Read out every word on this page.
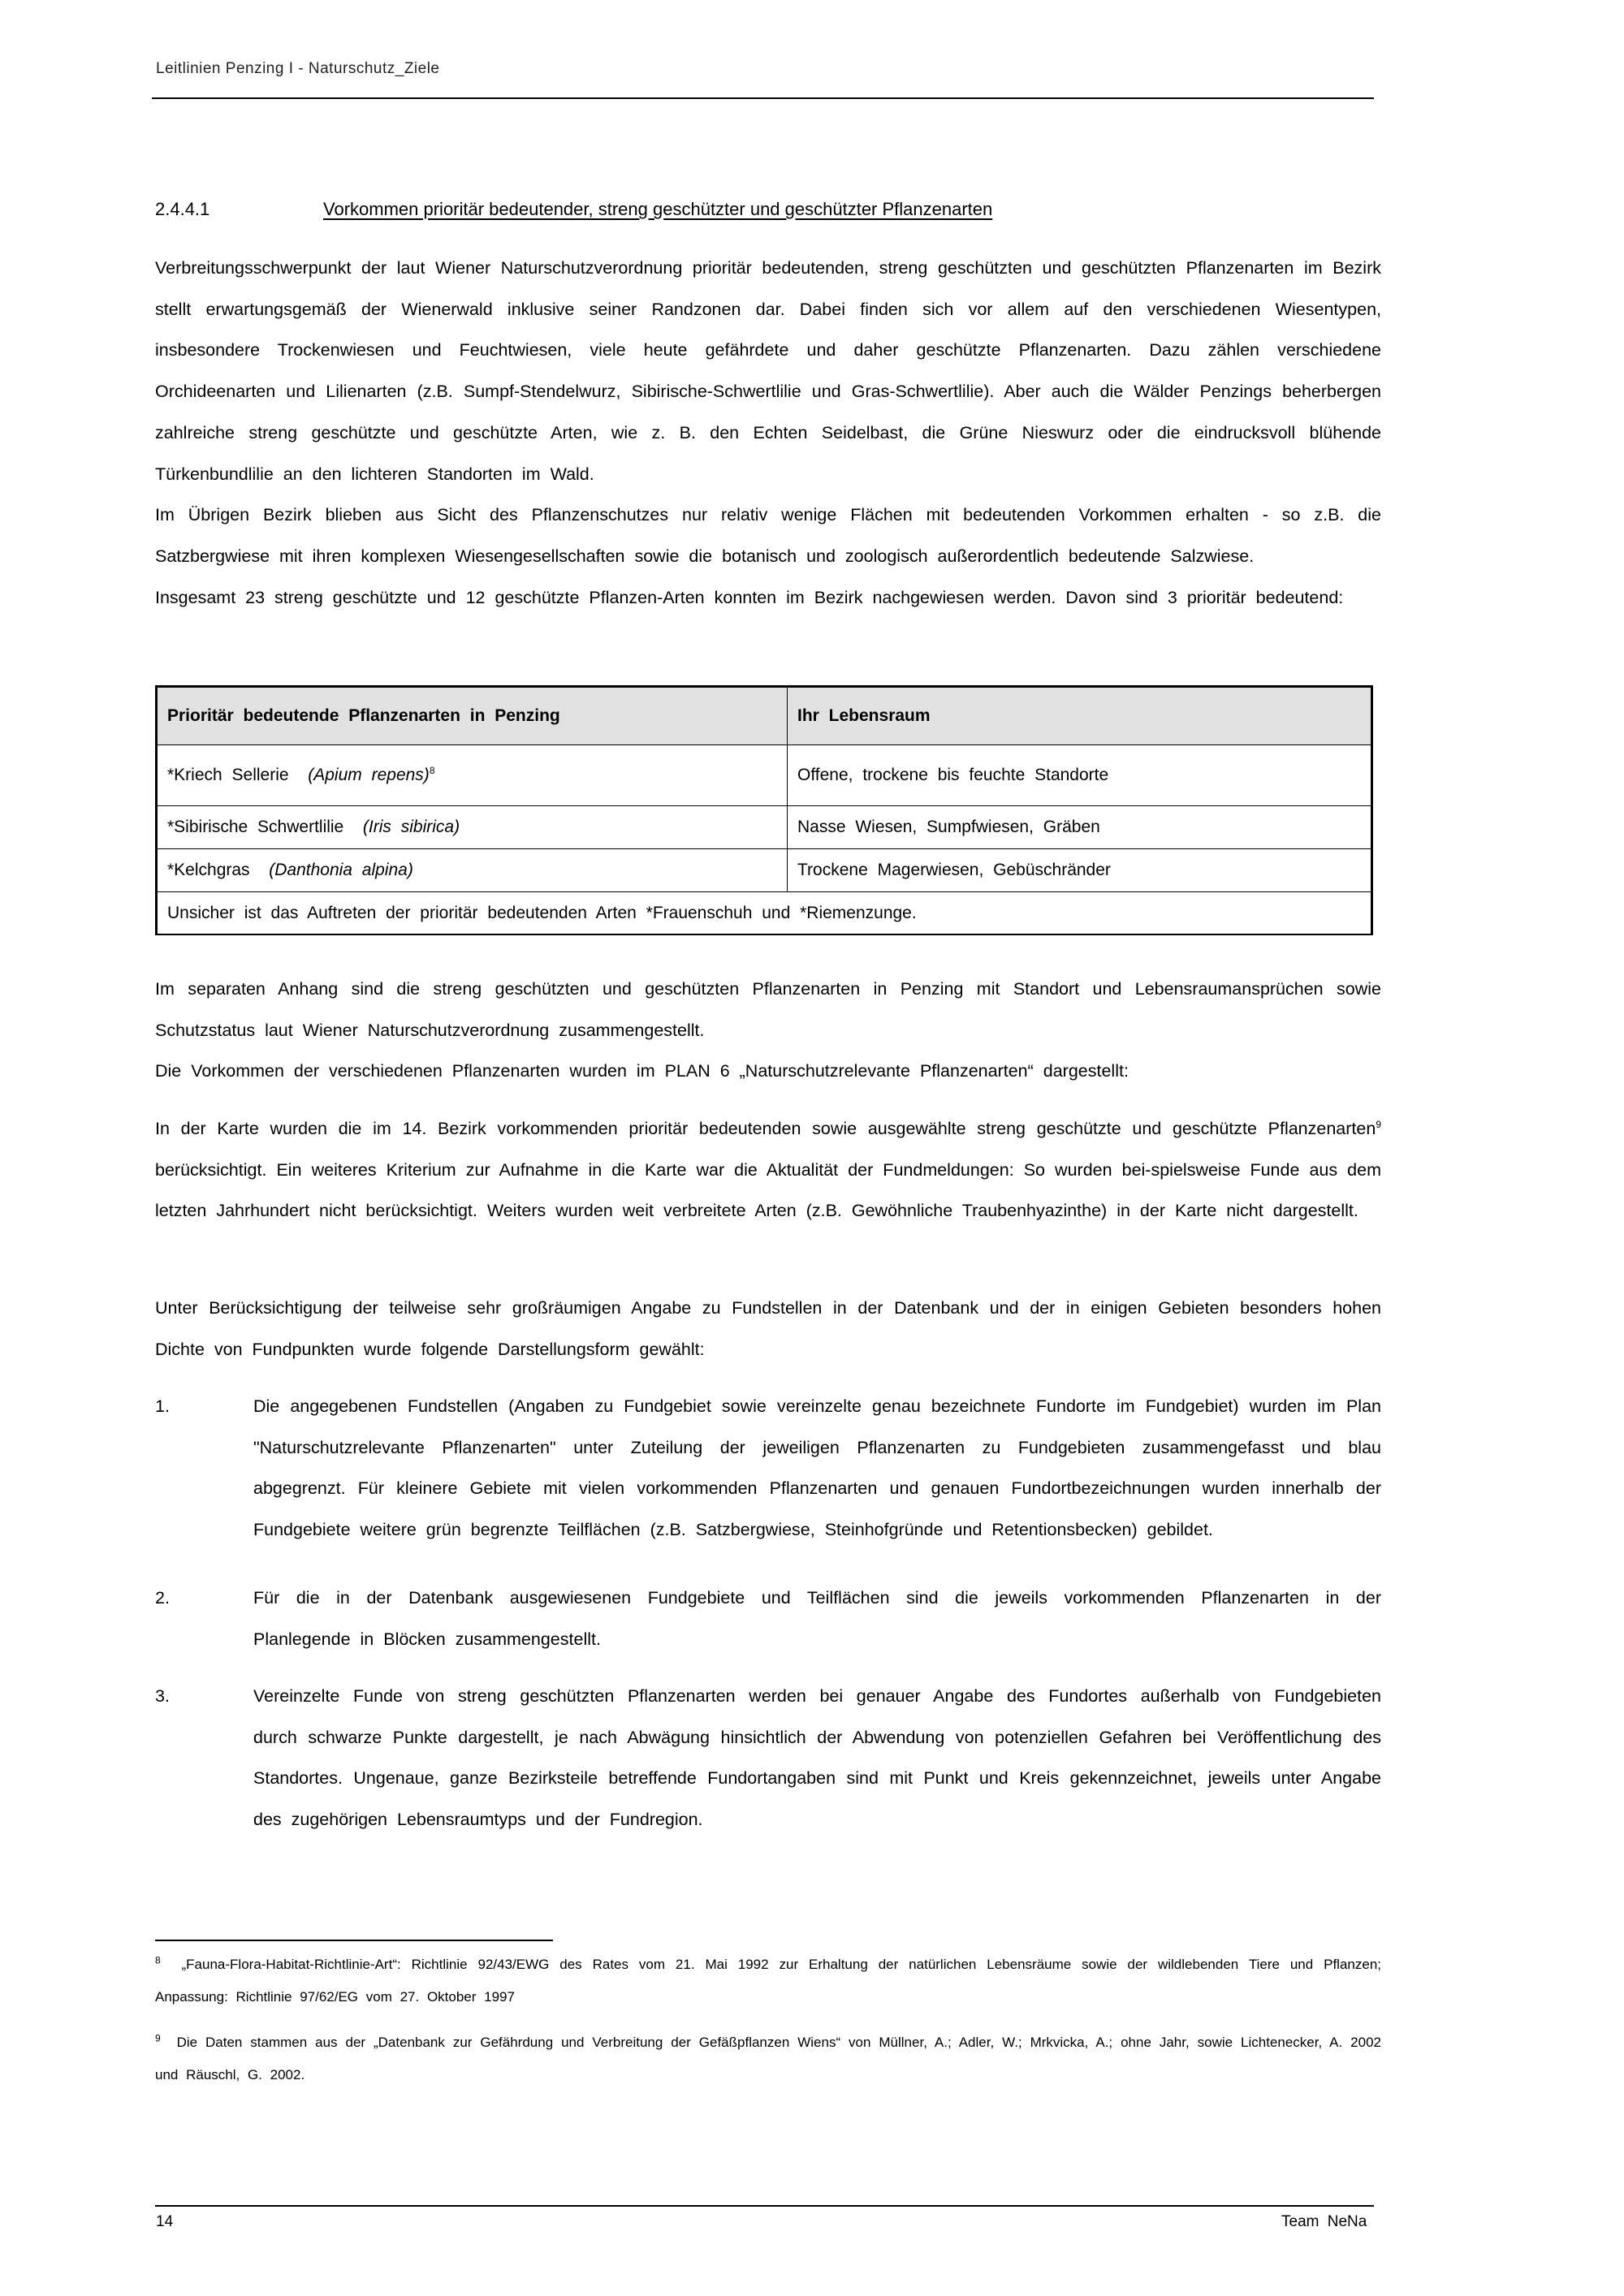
Leitlinien Penzing I - Naturschutz_Ziele
2.4.4.1	Vorkommen prioritär bedeutender, streng geschützter und geschützter Pflanzenarten

Verbreitungsschwerpunkt der laut Wiener Naturschutzverordnung prioritär bedeutenden, streng geschützten und geschützten Pflanzenarten im Bezirk stellt erwartungsgemäß der Wienerwald inklusive seiner Randzonen dar. Dabei finden sich vor allem auf den verschiedenen Wiesentypen, insbesondere Trockenwiesen und Feuchtwiesen, viele heute gefährdete und daher geschützte Pflanzenarten. Dazu zählen verschiedene Orchideenarten und Lilienarten (z.B. Sumpf-Stendelwurz, Sibirische-Schwertlilie und Gras-Schwertlilie). Aber auch die Wälder Penzings beherbergen zahlreiche streng geschützte und geschützte Arten, wie z. B. den Echten Seidelbast, die Grüne Nieswurz oder die eindrucksvoll blühende Türkenbundlilie an den lichteren Standorten im Wald.

Im Übrigen Bezirk blieben aus Sicht des Pflanzenschutzes nur relativ wenige Flächen mit bedeutenden Vorkommen erhalten - so z.B. die Satzbergwiese mit ihren komplexen Wiesengesellschaften sowie die botanisch und zoologisch außerordentlich bedeutende Salzwiese.

Insgesamt 23 streng geschützte und 12 geschützte Pflanzen-Arten konnten im Bezirk nachgewiesen werden. Davon sind 3 prioritär bedeutend:

Prioritär bedeutende Pflanzenarten in Penzing	Ihr Lebensraum
*Kriech Sellerie (Apium repens)$^8$	Offene, trockene bis feuchte Standorte
*Sibirische Schwertlilie (Iris sibirica)	Nasse Wiesen, Sumpfwiesen, Gräben
*Kelchgras (Danthonia alpina)	Trockene Magerwiesen, Gebüschränder
Unsicher ist das Auftreten der prioritär bedeutenden Arten *Frauenschuh und *Riemenzunge.	
Im separaten Anhang sind die streng geschützten und geschützten Pflanzenarten in Penzing mit Standort und Lebensraumansprüchen sowie Schutzstatus laut Wiener Naturschutzverordnung zusammengestellt.
Die Vorkommen der verschiedenen Pflanzenarten wurden im PLAN 6 „Naturschutzrelevante Pflanzenarten“ dargestellt:
In der Karte wurden die im 14. Bezirk vorkommenden prioritär bedeutenden sowie ausgewählte streng geschützte und geschützte Pflanzenarten$^9$ berücksichtigt. Ein weiteres Kriterium zur Aufnahme in die Karte war die Aktualität der Fundmeldungen: So wurden bei-spielsweise Funde aus dem letzten Jahrhundert nicht berücksichtigt. Weiters wurden weit verbreitete Arten (z.B. Gewöhnliche Traubenhyazinthe) in der Karte nicht dargestellt.
Unter Berücksichtigung der teilweise sehr großräumigen Angabe zu Fundstellen in der Datenbank und der in einigen Gebieten besonders hohen Dichte von Fundpunkten wurde folgende Darstellungsform gewählt:
1.	Die angegebenen Fundstellen (Angaben zu Fundgebiet sowie vereinzelte genau bezeichnete Fundorte im Fundgebiet) wurden im Plan "Naturschutzrelevante Pflanzenarten" unter Zuteilung der jeweiligen Pflanzenarten zu Fundgebieten zusammengefasst und blau abgegrenzt. Für kleinere Gebiete mit vielen vorkommenden Pflanzenarten und genauen Fundortbezeichnungen wurden innerhalb der Fundgebiete weitere grün begrenzte Teilflächen (z.B. Satzbergwiese, Steinhofgründe und Retentionsbecken) gebildet.
2.	Für die in der Datenbank ausgewiesenen Fundgebiete und Teilflächen sind die jeweils vorkommenden Pflanzenarten in der Planlegende in Blöcken zusammengestellt.
3.	Vereinzelte Funde von streng geschützten Pflanzenarten werden bei genauer Angabe des Fundortes außerhalb von Fundgebieten durch schwarze Punkte dargestellt, je nach Abwägung hinsichtlich der Abwendung von potenziellen Gefahren bei Veröffentlichung des Standortes. Ungenaue, ganze Bezirksteile betreffende Fundortangaben sind mit Punkt und Kreis gekennzeichnet, jeweils unter Angabe des zugehörigen Lebensraumtyps und der Fundregion.
$^8$ „Fauna-Flora-Habitat-Richtlinie-Art“: Richtlinie 92/43/EWG des Rates vom 21. Mai 1992 zur Erhaltung der natürlichen Lebensräume sowie der wildlebenden Tiere und Pflanzen; Anpassung: Richtlinie 97/62/EG vom 27. Oktober 1997
$^9$ Die Daten stammen aus der „Datenbank zur Gefährdung und Verbreitung der Gefäßpflanzen Wiens“ von Müllner, A.; Adler, W.; Mrkvicka, A.; ohne Jahr, sowie Lichtenecker, A. 2002 und Räuschl, G. 2002.
14	Team NeNa
